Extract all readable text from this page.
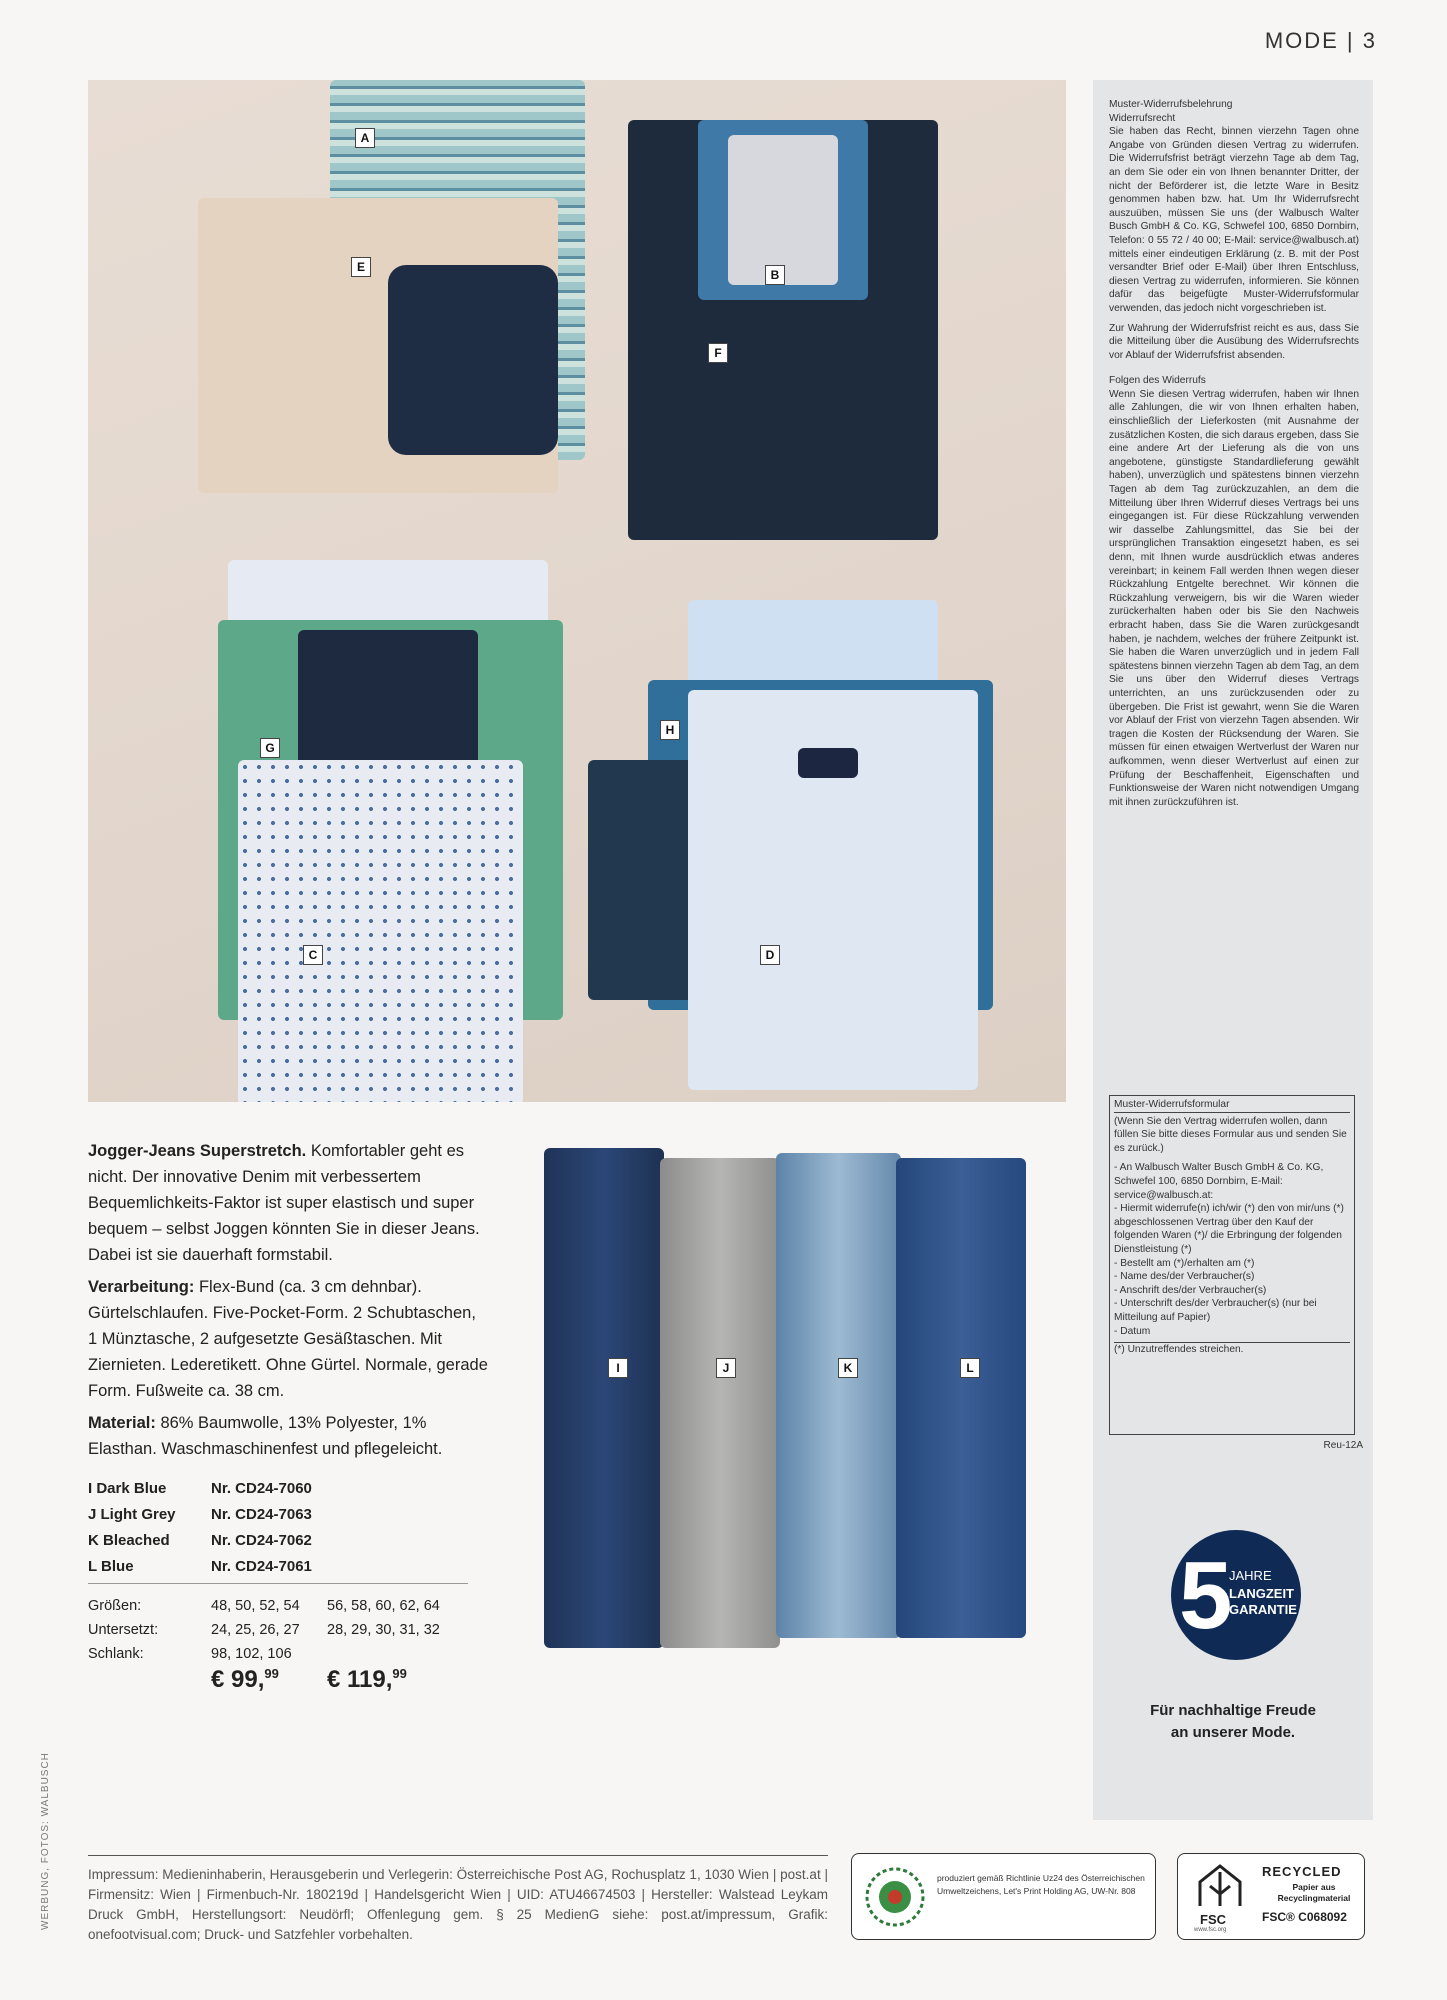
MODE | 3
A
E
B
F
G
H
C	D

Muster-Widerrufsbelehrung

Widerrufsrecht

Sie haben das Recht, binnen vierzehn Tagen ohne Angabe von Gründen diesen Vertrag zu widerrufen. Die Widerrufsfrist beträgt vierzehn Tage ab dem Tag, an dem Sie oder ein von Ihnen benannter Dritter, der nicht der Beförderer ist, die letzte Ware in Besitz genommen haben bzw. hat. Um Ihr Widerrufsrecht auszuüben, müssen Sie uns (der Walbusch Walter Busch GmbH & Co. KG, Schwefel 100, 6850 Dornbirn, Telefon: 0 55 72 / 40 00; E-Mail: service@walbusch.at) mittels einer eindeutigen Erklärung (z. B. mit der Post versandter Brief oder E-Mail) über Ihren Entschluss, diesen Vertrag zu widerrufen, informieren. Sie können dafür das beigefügte Muster-Widerrufsformular verwenden, das jedoch nicht vorgeschrieben ist.

Zur Wahrung der Widerrufsfrist reicht es aus, dass Sie die Mitteilung über die Ausübung des Widerrufsrechts vor Ablauf der Widerrufsfrist absenden.

Folgen des Widerrufs

Wenn Sie diesen Vertrag widerrufen, haben wir Ihnen alle Zahlungen, die wir von Ihnen erhalten haben, einschließlich der Lieferkosten (mit Ausnahme der zusätzlichen Kosten, die sich daraus ergeben, dass Sie eine andere Art der Lieferung als die von uns angebotene, günstigste Standardlieferung gewählt haben), unverzüglich und spätestens binnen vierzehn Tagen ab dem Tag zurückzuzahlen, an dem die Mitteilung über Ihren Widerruf dieses Vertrags bei uns eingegangen ist. Für diese Rückzahlung verwenden wir dasselbe Zahlungsmittel, das Sie bei der ursprünglichen Transaktion eingesetzt haben, es sei denn, mit Ihnen wurde ausdrücklich etwas anderes vereinbart; in keinem Fall werden Ihnen wegen dieser Rückzahlung Entgelte berechnet. Wir können die Rückzahlung verweigern, bis wir die Waren wieder zurückerhalten haben oder bis Sie den Nachweis erbracht haben, dass Sie die Waren zurückgesandt haben, je nachdem, welches der frühere Zeitpunkt ist. Sie haben die Waren unverzüglich und in jedem Fall spätestens binnen vierzehn Tagen ab dem Tag, an dem Sie uns über den Widerruf dieses Vertrags unterrichten, an uns zurückzusenden oder zu übergeben. Die Frist ist gewahrt, wenn Sie die Waren vor Ablauf der Frist von vierzehn Tagen absenden. Wir tragen die Kosten der Rücksendung der Waren. Sie müssen für einen etwaigen Wertverlust der Waren nur aufkommen, wenn dieser Wertverlust auf einen zur Prüfung der Beschaffenheit, Eigenschaften und Funktionsweise der Waren nicht notwendigen Umgang mit ihnen zurückzuführen ist.

Muster-Widerrufsformular
(Wenn Sie den Vertrag widerrufen wollen, dann füllen Sie bitte dieses Formular aus und senden Sie es zurück.)
- An Walbusch Walter Busch GmbH & Co. KG, Schwefel 100, 6850 Dornbirn, E-Mail: service@walbusch.at:
- Hiermit widerrufe(n) ich/wir (*) den von mir/uns (*) abgeschlossenen Vertrag über den Kauf der folgenden Waren (*)/ die Erbringung der folgenden Dienstleistung (*)
- Bestellt am (*)/erhalten am (*)
- Name des/der Verbraucher(s)
- Anschrift des/der Verbraucher(s)
- Unterschrift des/der Verbraucher(s) (nur bei Mitteilung auf Papier)
- Datum
(*) Unzutreffendes streichen.
Reu-12A
5
JAHRE
LANGZEIT
GARANTIE
Für nachhaltige Freude
an unserer Mode.

Jogger-Jeans Superstretch. Komfortabler geht es nicht. Der innovative Denim mit verbessertem Bequemlichkeits-Faktor ist super elastisch und super bequem – selbst Joggen könnten Sie in dieser Jeans. Dabei ist sie dauerhaft formstabil.

Verarbeitung: Flex-Bund (ca. 3 cm dehnbar). Gürtelschlaufen. Five-Pocket-Form. 2 Schubtaschen, 1 Münztasche, 2 aufgesetzte Gesäßtaschen. Mit Ziernieten. Lederetikett. Ohne Gürtel. Normale, gerade Form. Fußweite ca. 38 cm.

Material: 86% Baumwolle, 13% Polyester, 1% Elasthan. Waschmaschinenfest und pflegeleicht.

I Dark Blue	Nr. CD24-7060
J Light Grey	Nr. CD24-7063
K Bleached	Nr. CD24-7062
L Blue	Nr. CD24-7061
Größen:	48, 50, 52, 54	56, 58, 60, 62, 64
Untersetzt:	24, 25, 26, 27	28, 29, 30, 31, 32
Schlank:	98, 102, 106
€ 99,99 € 119,99
I	J	K	L
WERBUNG, FOTOS: WALBUSCH	Impressum: Medieninhaberin, Herausgeberin und Verlegerin: Österreichische Post AG, Rochusplatz 1, 1030 Wien | post.at | Firmensitz: Wien | Firmenbuch-Nr. 180219d | Handelsgericht Wien | UID: ATU46674503 | Hersteller: Walstead Leykam Druck GmbH, Herstellungsort: Neudörfl; Offenlegung gem. § 25 MedienG siehe: post.at/impressum, Grafik: onefootvisual.com; Druck- und Satzfehler vorbehalten.
produziert gemäß Richtlinie Uz24 des Österreichischen Umweltzeichens, Let's Print Holding AG, UW-Nr. 808
FSC
www.fsc.org
RECYCLED
Papier aus Recyclingmaterial
FSC® C068092
